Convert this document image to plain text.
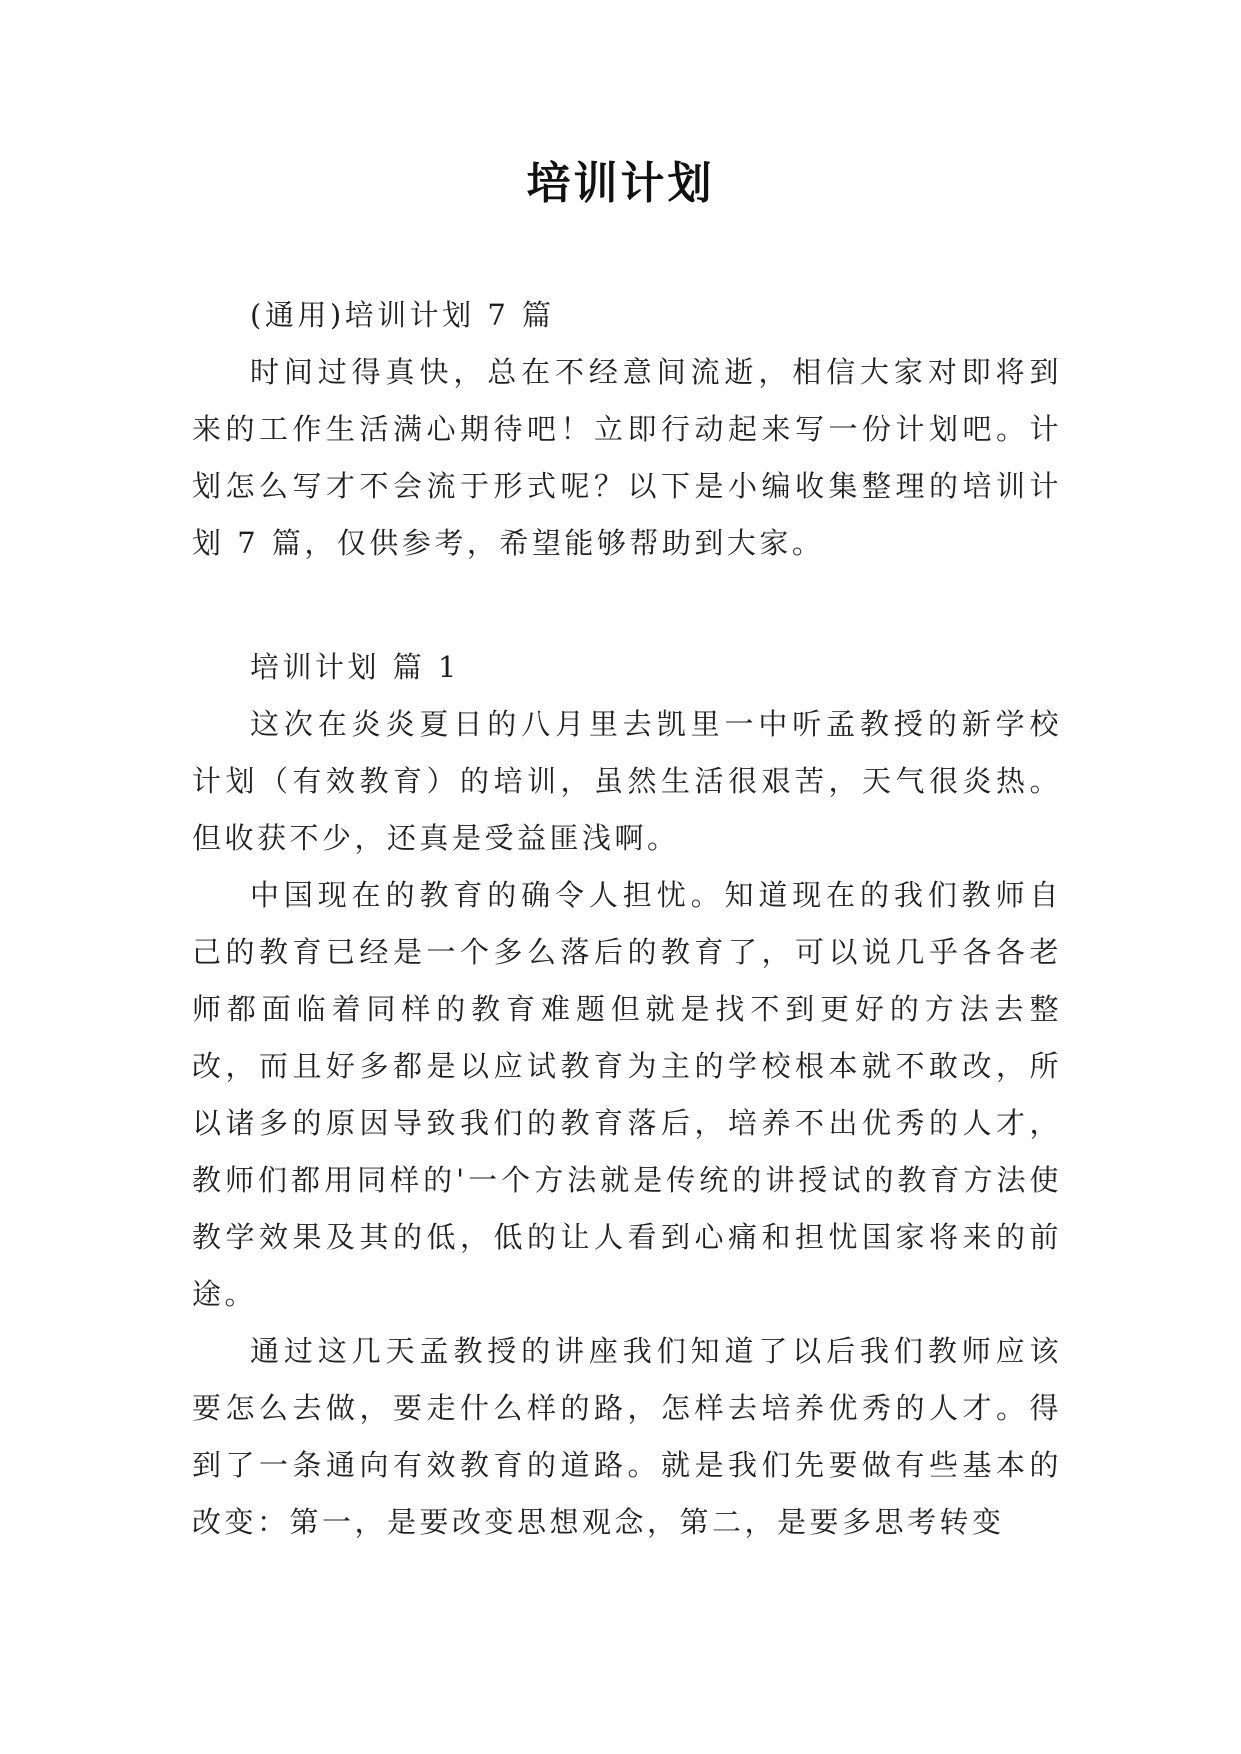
培训计划

(通用)培训计划 7 篇

时间过得真快，总在不经意间流逝，相信大家对即将到来的工作生活满心期待吧！立即行动起来写一份计划吧。计划怎么写才不会流于形式呢？以下是小编收集整理的培训计划 7 篇，仅供参考，希望能够帮助到大家。

培训计划 篇 1

这次在炎炎夏日的八月里去凯里一中听孟教授的新学校计划（有效教育）的培训，虽然生活很艰苦，天气很炎热。但收获不少，还真是受益匪浅啊。

中国现在的教育的确令人担忧。知道现在的我们教师自己的教育已经是一个多么落后的教育了，可以说几乎各各老师都面临着同样的教育难题但就是找不到更好的方法去整改，而且好多都是以应试教育为主的学校根本就不敢改，所以诸多的原因导致我们的教育落后，培养不出优秀的人才，教师们都用同样的'一个方法就是传统的讲授试的教育方法使教学效果及其的低，低的让人看到心痛和担忧国家将来的前途。

通过这几天孟教授的讲座我们知道了以后我们教师应该要怎么去做，要走什么样的路，怎样去培养优秀的人才。得到了一条通向有效教育的道路。就是我们先要做有些基本的改变：第一，是要改变思想观念，第二，是要多思考转变
